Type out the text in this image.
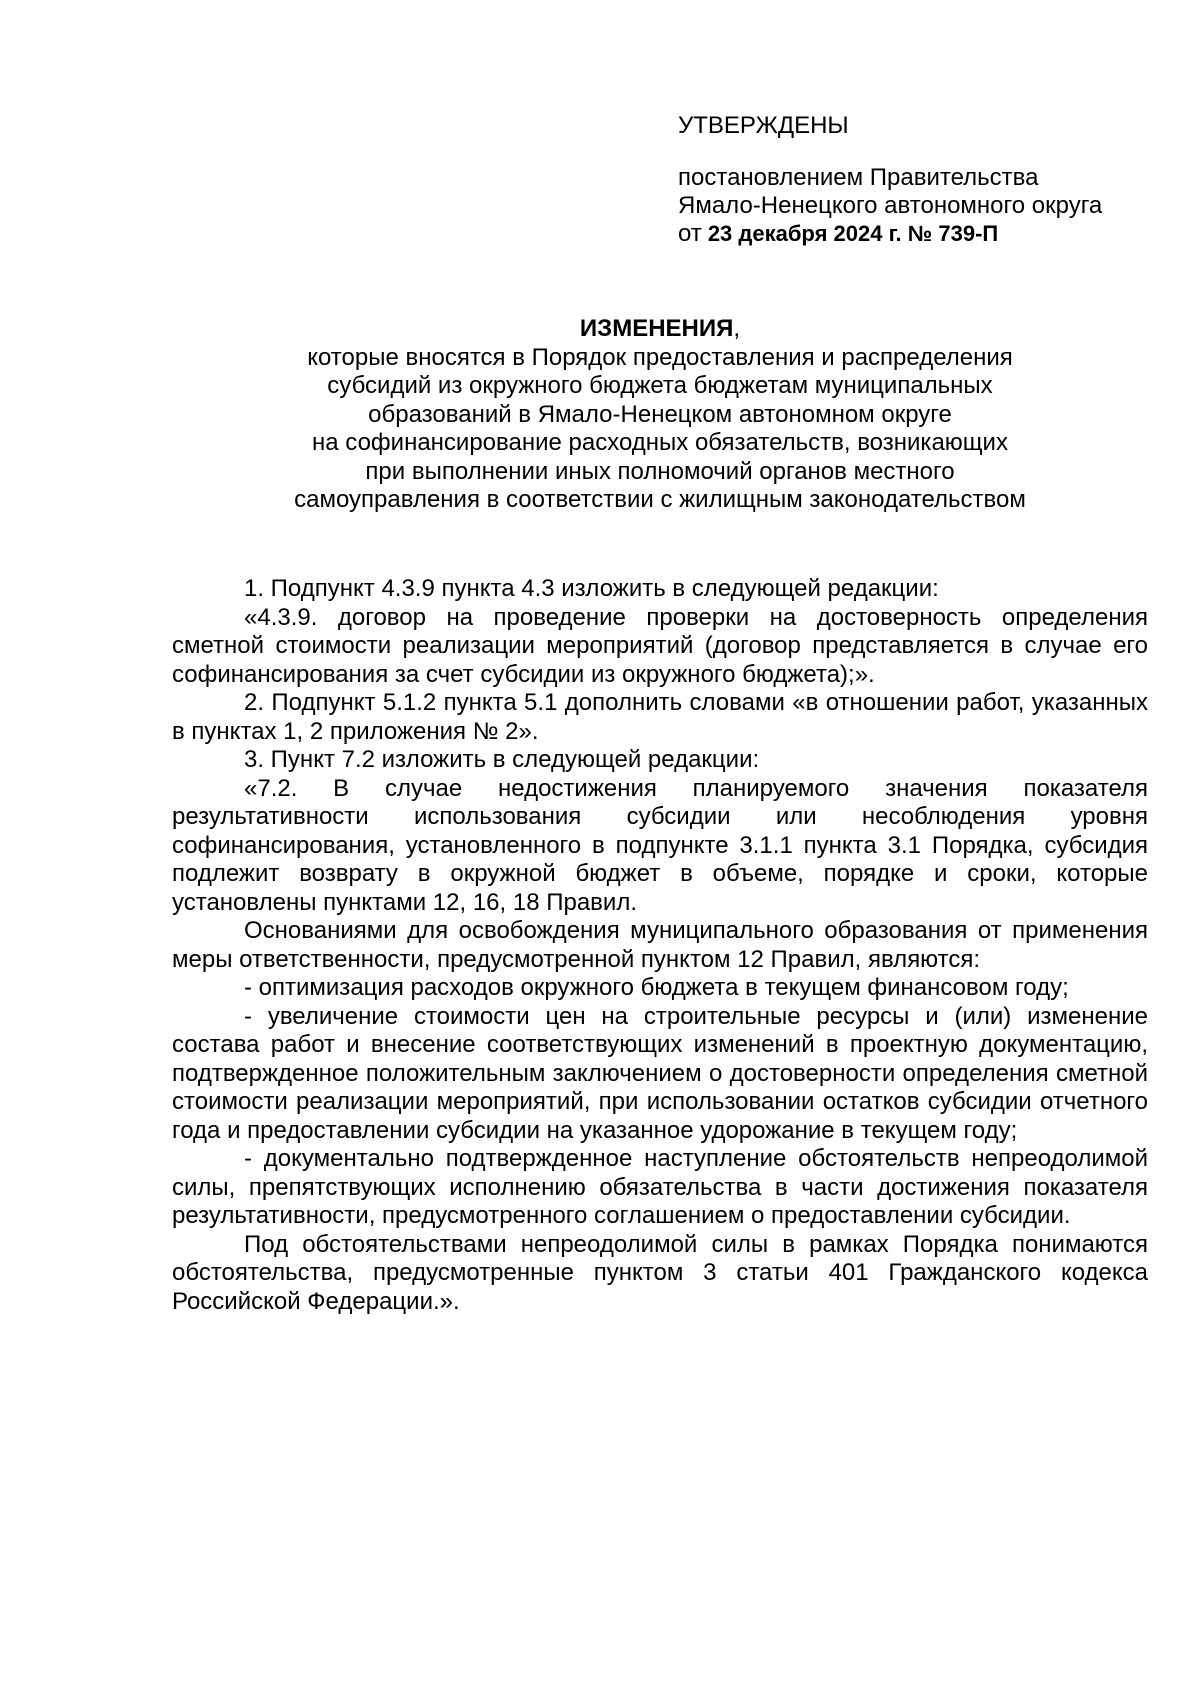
УТВЕРЖДЕНЫ

постановлением Правительства

Ямало-Ненецкого автономного округа

от 23 декабря 2024 г. № 739-П

ИЗМЕНЕНИЯ,

которые вносятся в Порядок предоставления и распределения

субсидий из окружного бюджета бюджетам муниципальных

образований в Ямало-Ненецком автономном округе

на софинансирование расходных обязательств, возникающих

при выполнении иных полномочий органов местного

самоуправления в соответствии с жилищным законодательством

1. Подпункт 4.3.9 пункта 4.3 изложить в следующей редакции:

«4.3.9. договор на проведение проверки на достоверность определения сметной стоимости реализации мероприятий (договор представляется в случае его софинансирования за счет субсидии из окружного бюджета);».

2. Подпункт 5.1.2 пункта 5.1 дополнить словами «в отношении работ, указанных в пунктах 1, 2 приложения № 2».

3. Пункт 7.2 изложить в следующей редакции:

«7.2. В случае недостижения планируемого значения показателя результативности использования субсидии или несоблюдения уровня софинансирования, установленного в подпункте 3.1.1 пункта 3.1 Порядка, субсидия подлежит возврату в окружной бюджет в объеме, порядке и сроки, которые установлены пунктами 12, 16, 18 Правил.

Основаниями для освобождения муниципального образования от применения меры ответственности, предусмотренной пунктом 12 Правил, являются:

- оптимизация расходов окружного бюджета в текущем финансовом году;

- увеличение стоимости цен на строительные ресурсы и (или) изменение состава работ и внесение соответствующих изменений в проектную документацию, подтвержденное положительным заключением о достоверности определения сметной стоимости реализации мероприятий, при использовании остатков субсидии отчетного года и предоставлении субсидии на указанное удорожание в текущем году;

- документально подтвержденное наступление обстоятельств непреодолимой силы, препятствующих исполнению обязательства в части достижения показателя результативности, предусмотренного соглашением о предоставлении субсидии.

Под обстоятельствами непреодолимой силы в рамках Порядка понимаются обстоятельства, предусмотренные пунктом 3 статьи 401 Гражданского кодекса Российской Федерации.».
